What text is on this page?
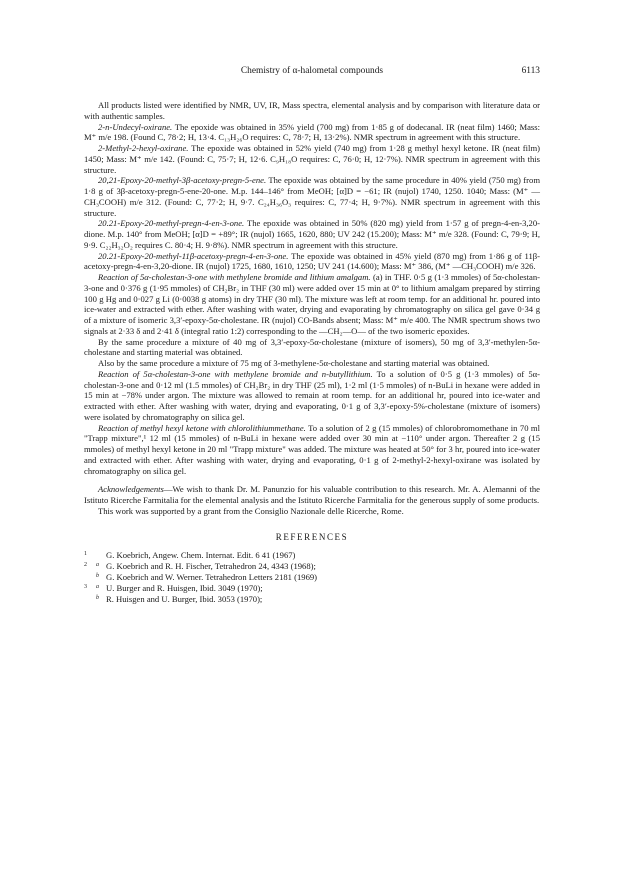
Chemistry of α-halometal compounds	6113

All products listed were identified by NMR, UV, IR, Mass spectra, elemental analysis and by comparison with literature data or with authentic samples.

2-n-Undecyl-oxirane. The epoxide was obtained in 35% yield (700 mg) from 1·85 g of dodecanal. IR (neat film) 1460; Mass: M⁺ m/e 198. (Found C, 78·2; H, 13·4. C₁₃H₂₆O requires: C, 78·7; H, 13·2%). NMR spectrum in agreement with this structure.

2-Methyl-2-hexyl-oxirane. The epoxide was obtained in 52% yield (740 mg) from 1·28 g methyl hexyl ketone. IR (neat film) 1450; Mass: M⁺ m/e 142. (Found: C, 75·7; H, 12·6. C₉H₁₈O requires: C, 76·0; H, 12·7%). NMR spectrum in agreement with this structure.

20,21-Epoxy-20-methyl-3β-acetoxy-pregn-5-ene. The epoxide was obtained by the same procedure in 40% yield (750 mg) from 1·8 g of 3β-acetoxy-pregn-5-ene-20-one. M.p. 144–146° from MeOH; [α]D = −61; IR (nujol) 1740, 1250. 1040; Mass: (M⁺ —CH₃COOH) m/e 312. (Found: C, 77·2; H, 9·7. C₂₄H₃₆O₃ requires: C, 77·4; H, 9·7%). NMR spectrum in agreement with this structure.

20.21-Epoxy-20-methyl-pregn-4-en-3-one. The epoxide was obtained in 50% (820 mg) yield from 1·57 g of pregn-4-en-3,20-dione. M.p. 140° from MeOH; [α]D = +89°; IR (nujol) 1665, 1620, 880; UV 242 (15.200); Mass: M⁺ m/e 328. (Found: C, 79·9; H, 9·9. C₂₂H₃₂O₂ requires C. 80·4; H. 9·8%). NMR spectrum in agreement with this structure.

20.21-Epoxy-20-methyl-11β-acetoxy-pregn-4-en-3-one. The epoxide was obtained in 45% yield (870 mg) from 1·86 g of 11β-acetoxy-pregn-4-en-3,20-dione. IR (nujol) 1725, 1680, 1610, 1250; UV 241 (14.600); Mass: M⁺ 386, (M⁺ —CH₃COOH) m/e 326.

Reaction of 5α-cholestan-3-one with methylene bromide and lithium amalgam. (a) in THF. 0·5 g (1·3 mmoles) of 5α-cholestan-3-one and 0·376 g (1·95 mmoles) of CH₂Br₂ in THF (30 ml) were added over 15 min at 0° to lithium amalgam prepared by stirring 100 g Hg and 0·027 g Li (0·0038 g atoms) in dry THF (30 ml). The mixture was left at room temp. for an additional hr. poured into ice-water and extracted with ether. After washing with water, drying and evaporating by chromatography on silica gel gave 0·34 g of a mixture of isomeric 3,3′-epoxy-5α-cholestane. IR (nujol) CO-Bands absent; Mass: M⁺ m/e 400. The NMR spectrum shows two signals at 2·33 δ and 2·41 δ (integral ratio 1:2) corresponding to the —CH₂—O— of the two isomeric epoxides.

By the same procedure a mixture of 40 mg of 3,3′-epoxy-5α-cholestane (mixture of isomers), 50 mg of 3,3′-methylen-5α-cholestane and starting material was obtained.

Also by the same procedure a mixture of 75 mg of 3-methylene-5α-cholestane and starting material was obtained.

Reaction of 5α-cholestan-3-one with methylene bromide and n-butyllithium. To a solution of 0·5 g (1·3 mmoles) of 5α-cholestan-3-one and 0·12 ml (1.5 mmoles) of CH₂Br₂ in dry THF (25 ml), 1·2 ml (1·5 mmoles) of n-BuLi in hexane were added in 15 min at −78% under argon. The mixture was allowed to remain at room temp. for an additional hr, poured into ice-water and extracted with ether. After washing with water, drying and evaporating, 0·1 g of 3,3′-epoxy-5%-cholestane (mixture of isomers) were isolated by chromatography on silica gel.

Reaction of methyl hexyl ketone with chlorolithiummethane. To a solution of 2 g (15 mmoles) of chlorobromomethane in 70 ml "Trapp mixture",¹ 12 ml (15 mmoles) of n-BuLi in hexane were added over 30 min at −110° under argon. Thereafter 2 g (15 mmoles) of methyl hexyl ketone in 20 ml "Trapp mixture" was added. The mixture was heated at 50° for 3 hr, poured into ice-water and extracted with ether. After washing with water, drying and evaporating, 0·1 g of 2-methyl-2-hexyl-oxirane was isolated by chromatography on silica gel.

Acknowledgements—We wish to thank Dr. M. Panunzio for his valuable contribution to this research. Mr. A. Alemanni of the Istituto Ricerche Farmitalia for the elemental analysis and the Istituto Ricerche Farmitalia for the generous supply of some products.

This work was supported by a grant from the Consiglio Nazionale delle Ricerche, Rome.

REFERENCES
1	G. Koebrich, Angew. Chem. Internat. Edit. 6 41 (1967)
2	a G. Koebrich and R. H. Fischer, Tetrahedron 24, 4343 (1968);
b G. Koebrich and W. Werner. Tetrahedron Letters 2181 (1969)
3	a U. Burger and R. Huisgen, Ibid. 3049 (1970);
b R. Huisgen and U. Burger, Ibid. 3053 (1970);
